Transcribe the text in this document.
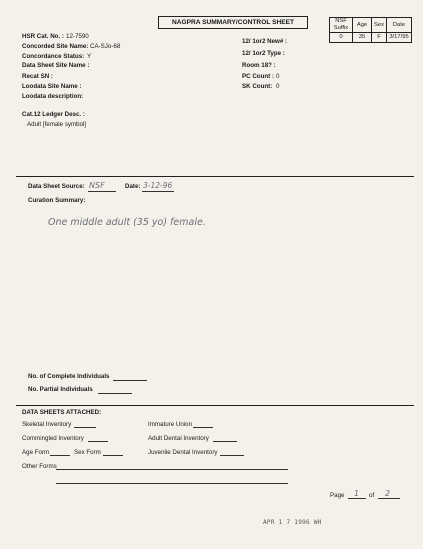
NAGPRA SUMMARY/CONTROL SHEET	NSF Suffix	Age	Sex	Date
0	35	F	3/17/95
HSR Cat. No. : 12-7590
Concorded Site Name: CA-SJo-68
Concordance Status: Y
Data Sheet Site Name :
Recat SN :
Loodata Site Name :
Loodata description:
Cat.12 Ledger Desc. :
Adult [female symbol]
12/ 1or2 New# :
12/ 1or2 Type :
Room 18? :
PC Count : 0
SK Count: 0
Data Sheet Source: NSF	Date: 3-12-96
Curation Summary:
One middle adult (35 yo) female.
No. of Complete Individuals
No. Partial Individuals
DATA SHEETS ATTACHED:
Skeletal Inventory	Immature Union
Commingled Inventory	Adult Dental Inventory
Age Form	Sex Form	Juvenile Dental Inventory
Other Forms
Page 1 of 2
APR 1 7 1996 WH
